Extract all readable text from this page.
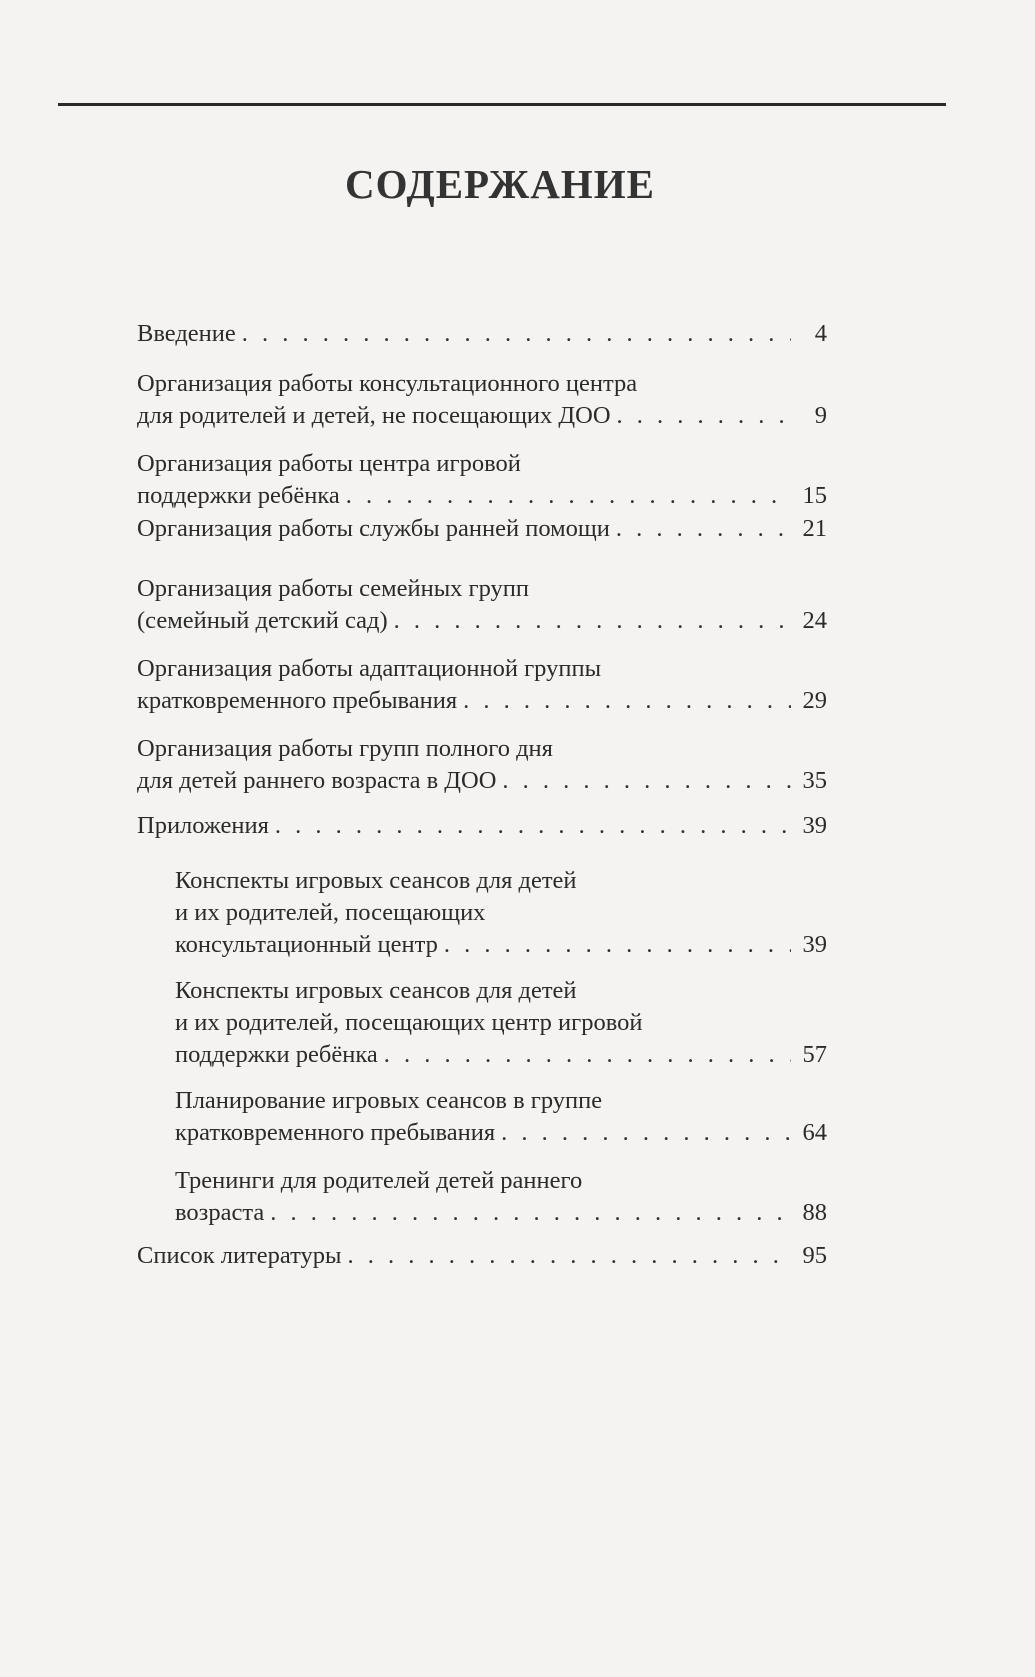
СОДЕРЖАНИЕ
Введение . . .	4
Организация работы консультационного центра
для родителей и детей, не посещающих ДОО . . .	9
Организация работы центра игровой
поддержки ребёнка . . .	15
Организация работы службы ранней помощи . . .	21
Организация работы семейных групп
(семейный детский сад) . . .	24
Организация работы адаптационной группы
кратковременного пребывания . . .	29
Организация работы групп полного дня
для детей раннего возраста в ДОО . . .	35
Приложения . . .	39
Конспекты игровых сеансов для детей
и их родителей, посещающих
консультационный центр . . .	39
Конспекты игровых сеансов для детей
и их родителей, посещающих центр игровой
поддержки ребёнка . . .	57
Планирование игровых сеансов в группе
кратковременного пребывания . . .	64
Тренинги для родителей детей раннего
возраста . . .	88
Список литературы . . .	95
